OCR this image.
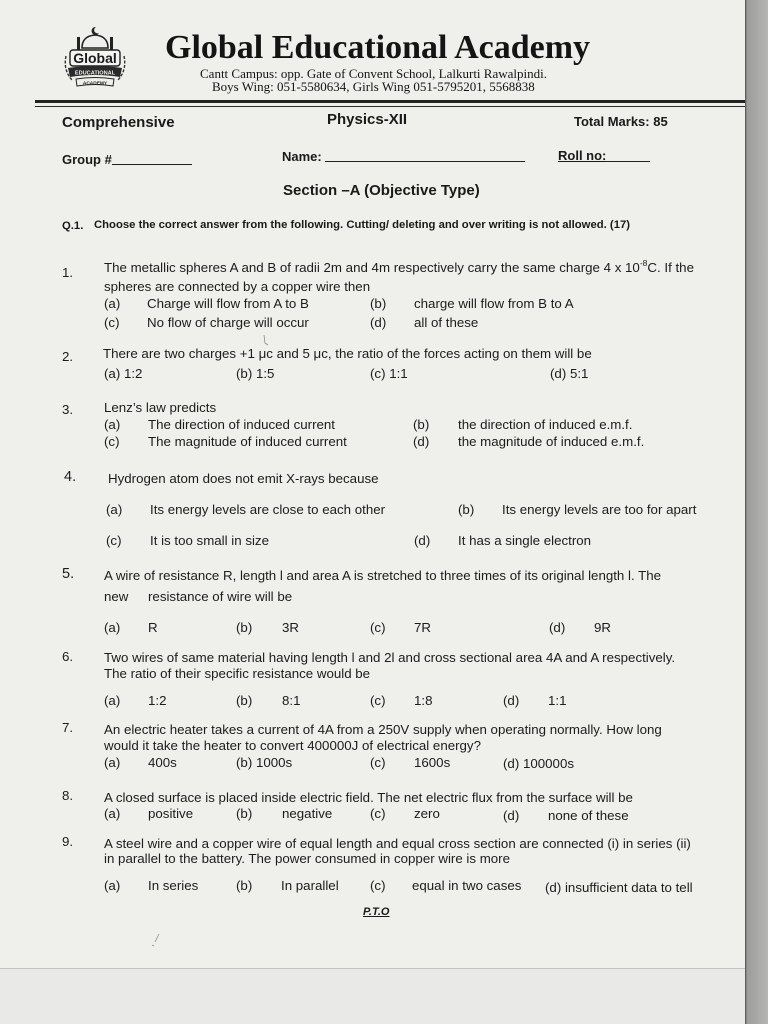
Global
EDUCATIONAL
ACADEMY
Global Educational Academy
Cantt Campus: opp. Gate of Convent School, Lalkurti Rawalpindi.
Boys Wing: 051-5580634, Girls Wing 051-5795201, 5568838
Comprehensive	Physics-XII	Total Marks: 85
Group #	Name:	Roll no:
Section –A (Objective Type)
Q.1. Choose the correct answer from the following. Cutting/ deleting and over writing is not allowed. (17)
1. The metallic spheres A and B of radii 2m and 4m respectively carry the same charge 4 x $10^{-8}C$. If the
spheres are connected by a copper wire then
(a) Charge will flow from A to B	(b) charge will flow from B to A
(c) No flow of charge will occur	(d) all of these
2. There are two charges +1 μc and 5 μc, the ratio of the forces acting on them will be
(a) 1:2	(b) 1:5	(c) 1:1	(d) 5:1
3. Lenz’s law predicts
(a) The direction of induced current	(b) the direction of induced e.m.f.
(c) The magnitude of induced current	(d) the magnitude of induced e.m.f.
4. Hydrogen atom does not emit X-rays because
(a) Its energy levels are close to each other	(b) Its energy levels are too for apart
(c) It is too small in size	(d) It has a single electron
5. A wire of resistance R, length l and area A is stretched to three times of its original length l. The
new resistance of wire will be
(a) R	(b) 3R	(c) 7R	(d) 9R
6. Two wires of same material having length l and 2l and cross sectional area 4A and A respectively.
The ratio of their specific resistance would be
(a) 1:2	(b) 8:1	(c) 1:8	(d) 1:1
7. An electric heater takes a current of 4A from a 250V supply when operating normally. How long
would it take the heater to convert 400000J of electrical energy?
(a) 400s	(b) 1000s	(c) 1600s	(d) 100000s
8. A closed surface is placed inside electric field. The net electric flux from the surface will be
(a) positive	(b) negative	(c) zero	(d) none of these
9. A steel wire and a copper wire of equal length and equal cross section are connected (i) in series (ii)
in parallel to the battery. The power consumed in copper wire is more
(a) In series	(b) In parallel (c) equal in two cases (d) insufficient data to tell
P.T.O
